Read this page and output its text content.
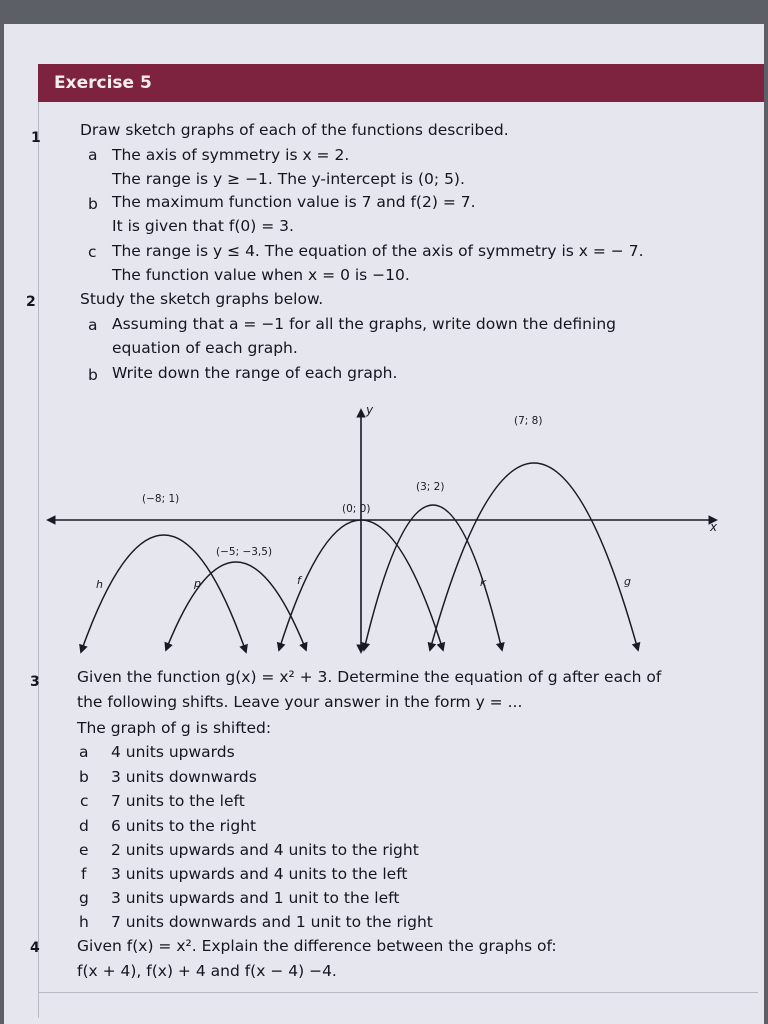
Exercise 5
1	Draw sketch graphs of each of the functions described.
a The axis of symmetry is x = 2.
The range is y ≥ −1. The y-intercept is (0; 5).
b The maximum function value is 7 and f(2) = 7.
It is given that f(0) = 3.
c The range is y ≤ 4. The equation of the axis of symmetry is x = − 7.
The function value when x = 0 is −10.
2	Study the sketch graphs below.
a Assuming that a = −1 for all the graphs, write down the defining
equation of each graph.
b Write down the range of each graph.
x
y
(−8; 1)
(−5; −3,5)
(0; 0)
(3; 2)
(7; 8)
h	p	f	k	g
3 Given the function g(x) = x² + 3. Determine the equation of g after each of
the following shifts. Leave your answer in the form y = ...
The graph of g is shifted:
a 4 units upwards
b 3 units downwards
c 7 units to the left
d 6 units to the right
e 2 units upwards and 4 units to the right
f 3 units upwards and 4 units to the left
g 3 units upwards and 1 unit to the left
h 7 units downwards and 1 unit to the right
4 Given f(x) = x². Explain the difference between the graphs of:
f(x + 4), f(x) + 4 and f(x − 4) −4.
